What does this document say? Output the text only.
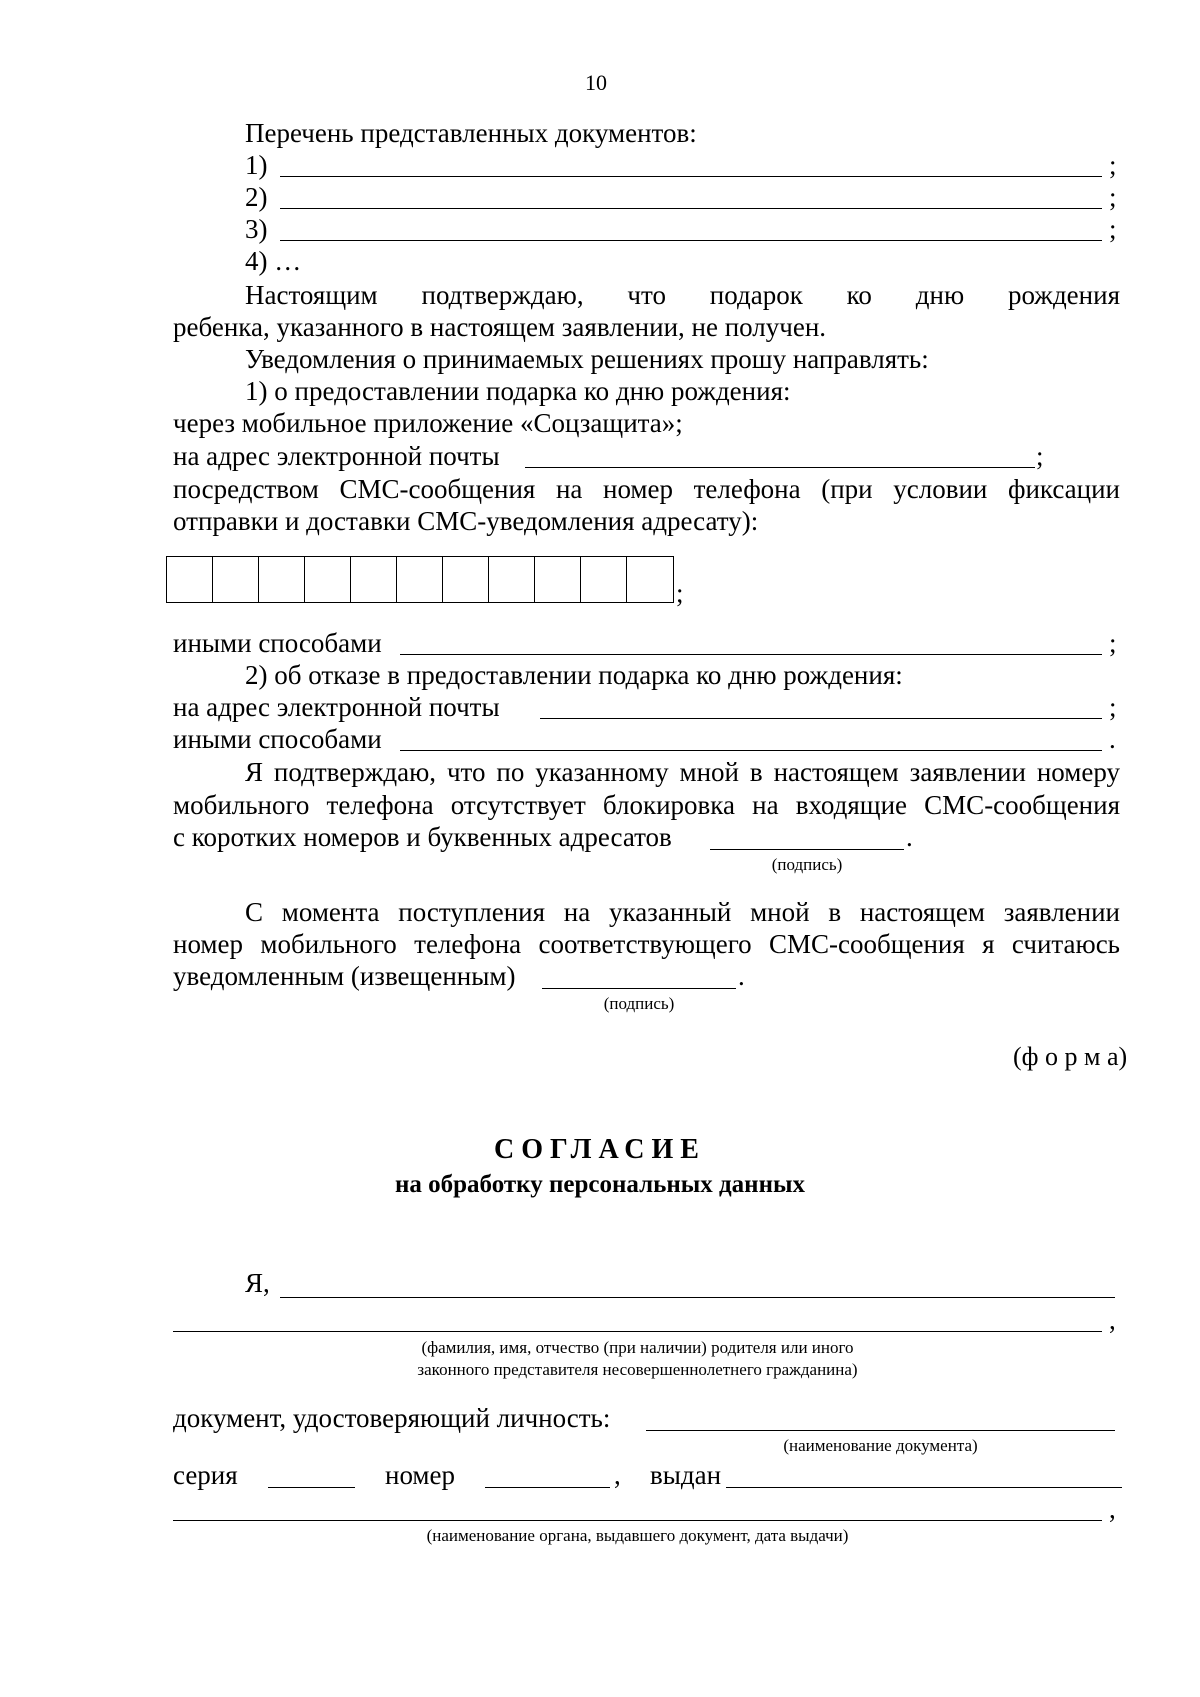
10
Перечень представленных документов:
1)	;
2)	;
3)	;
4) …
Настоящим подтверждаю, что подарок ко дню рождения
ребенка, указанного в настоящем заявлении, не получен.
Уведомления о принимаемых решениях прошу направлять:
1) о предоставлении подарка ко дню рождения:
через мобильное приложение «Соцзащита»;
на адрес электронной почты	;
посредством СМС-сообщения на номер телефона (при условии фиксации
отправки и доставки СМС-уведомления адресату):
;
иными способами	;
2) об отказе в предоставлении подарка ко дню рождения:
на адрес электронной почты	;
иными способами	.
Я подтверждаю, что по указанному мной в настоящем заявлении номеру
мобильного телефона отсутствует блокировка на входящие СМС-сообщения
с коротких номеров и буквенных адресатов	.
(подпись)
С момента поступления на указанный мной в настоящем заявлении
номер мобильного телефона соответствующего СМС-сообщения я считаюсь
уведомленным (извещенным)	.
(подпись)
(ф о р м а)
СОГЛАСИЕ
на обработку персональных данных
Я,
,
(фамилия, имя, отчество (при наличии) родителя или иного
законного представителя несовершеннолетнего гражданина)
документ, удостоверяющий личность:
(наименование документа)
серия	номер	, выдан
,
(наименование органа, выдавшего документ, дата выдачи)
